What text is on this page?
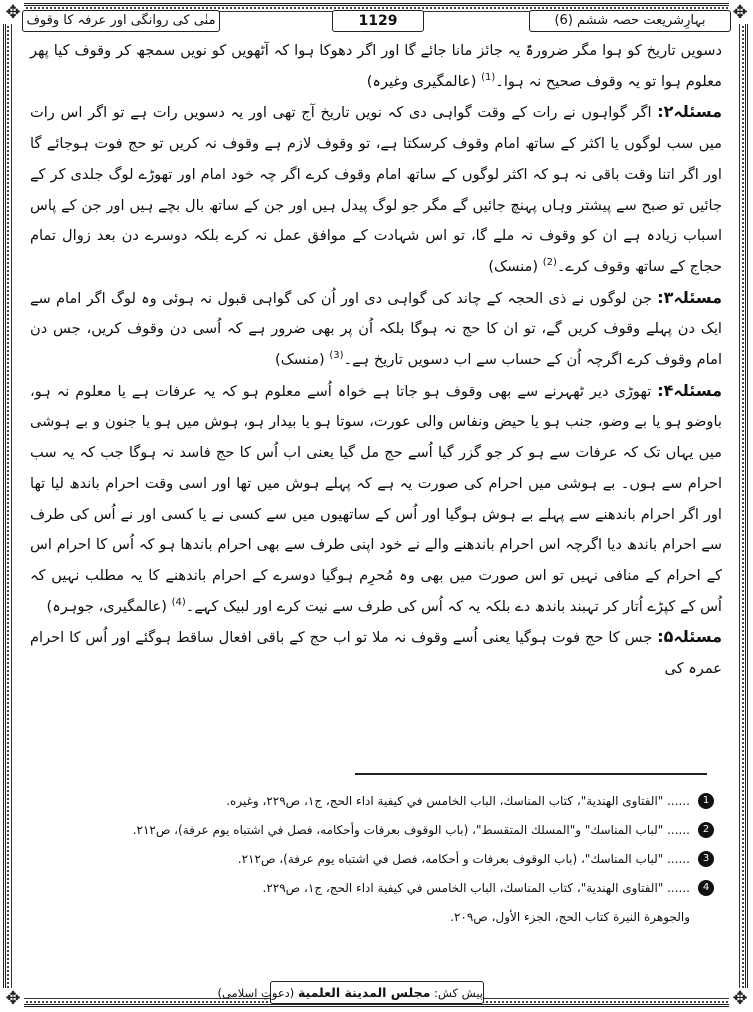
✥	✥
✥	✥
بہارِشریعت حصہ ششم (6)
1129
منٰی کی روانگی اور عرفہ کا وقوف

دسویں تاریخ کو ہوا مگر ضرورۃً یہ جائز مانا جائے گا اور اگر دھوکا ہوا کہ آٹھویں کو نویں سمجھ کر وقوف کیا پھر معلوم ہوا تو یہ وقوف صحیح نہ ہوا۔$^{(1)}$ (عالمگیری وغیرہ)

مسئلہ۲: اگر گواہوں نے رات کے وقت گواہی دی کہ نویں تاریخ آج تھی اور یہ دسویں رات ہے تو اگر اس رات میں سب لوگوں یا اکثر کے ساتھ امام وقوف کرسکتا ہے، تو وقوف لازم ہے وقوف نہ کریں تو حج فوت ہوجائے گا اور اگر اتنا وقت باقی نہ ہو کہ اکثر لوگوں کے ساتھ امام وقوف کرے اگر چہ خود امام اور تھوڑے لوگ جلدی کر کے جائیں تو صبح سے پیشتر وہاں پہنچ جائیں گے مگر جو لوگ پیدل ہیں اور جن کے ساتھ بال بچے ہیں اور جن کے پاس اسباب زیادہ ہے ان کو وقوف نہ ملے گا، تو اس شہادت کے موافق عمل نہ کرے بلکہ دوسرے دن بعد زوال تمام حجاج کے ساتھ وقوف کرے۔$^{(2)}$ (منسک)

مسئلہ۳: جن لوگوں نے ذی الحجہ کے چاند کی گواہی دی اور اُن کی گواہی قبول نہ ہوئی وہ لوگ اگر امام سے ایک دن پہلے وقوف کریں گے، تو ان کا حج نہ ہوگا بلکہ اُن پر بھی ضرور ہے کہ اُسی دن وقوف کریں، جس دن امام وقوف کرے اگرچہ اُن کے حساب سے اب دسویں تاریخ ہے۔$^{(3)}$ (منسک)

مسئلہ۴: تھوڑی دیر ٹھہرنے سے بھی وقوف ہو جاتا ہے خواہ اُسے معلوم ہو کہ یہ عرفات ہے یا معلوم نہ ہو، باوضو ہو یا بے وضو، جنب ہو یا حیض ونفاس والی عورت، سوتا ہو یا بیدار ہو، ہوش میں ہو یا جنون و بے ہوشی میں یہاں تک کہ عرفات سے ہو کر جو گزر گیا اُسے حج مل گیا یعنی اب اُس کا حج فاسد نہ ہوگا جب کہ یہ سب احرام سے ہوں۔ بے ہوشی میں احرام کی صورت یہ ہے کہ پہلے ہوش میں تھا اور اسی وقت احرام باندھ لیا تھا اور اگر احرام باندھنے سے پہلے بے ہوش ہوگیا اور اُس کے ساتھیوں میں سے کسی نے یا کسی اور نے اُس کی طرف سے احرام باندھ دیا اگرچہ اس احرام باندھنے والے نے خود اپنی طرف سے بھی احرام باندھا ہو کہ اُس کا احرام اس کے احرام کے منافی نہیں تو اس صورت میں بھی وہ مُحرِم ہوگیا دوسرے کے احرام باندھنے کا یہ مطلب نہیں کہ اُس کے کپڑے اُتار کر تہبند باندھ دے بلکہ یہ کہ اُس کی طرف سے نیت کرے اور لبیک کہے۔$^{(4)}$ (عالمگیری، جوہرہ)

مسئلہ۵: جس کا حج فوت ہوگیا یعنی اُسے وقوف نہ ملا تو اب حج کے باقی افعال ساقط ہوگئے اور اُس کا احرام عمرہ کی

1
...... "الفتاوى الهندية"، كتاب المناسك، الباب الخامس في كيفية اداء الحج، ج١، ص٢٢٩، وغيره.
2
...... "لباب المناسك" و"المسلك المتقسط"، (باب الوقوف بعرفات وأحكامه، فصل في اشتباه يوم عرفة)، ص٢١٢.
3
...... "لباب المناسك"، (باب الوقوف بعرفات و أحكامه، فصل في اشتباه يوم عرفة)، ص٢١٢.
4
...... "الفتاوى الهندية"، كتاب المناسك، الباب الخامس في كيفية اداء الحج، ج١، ص٢٢٩.
والجوهرة النيرة كتاب الحج، الجزء الأول، ص٢٠٩.
پیش کش: مجلس المدينة العلمية (دعوتِ اسلامی)
